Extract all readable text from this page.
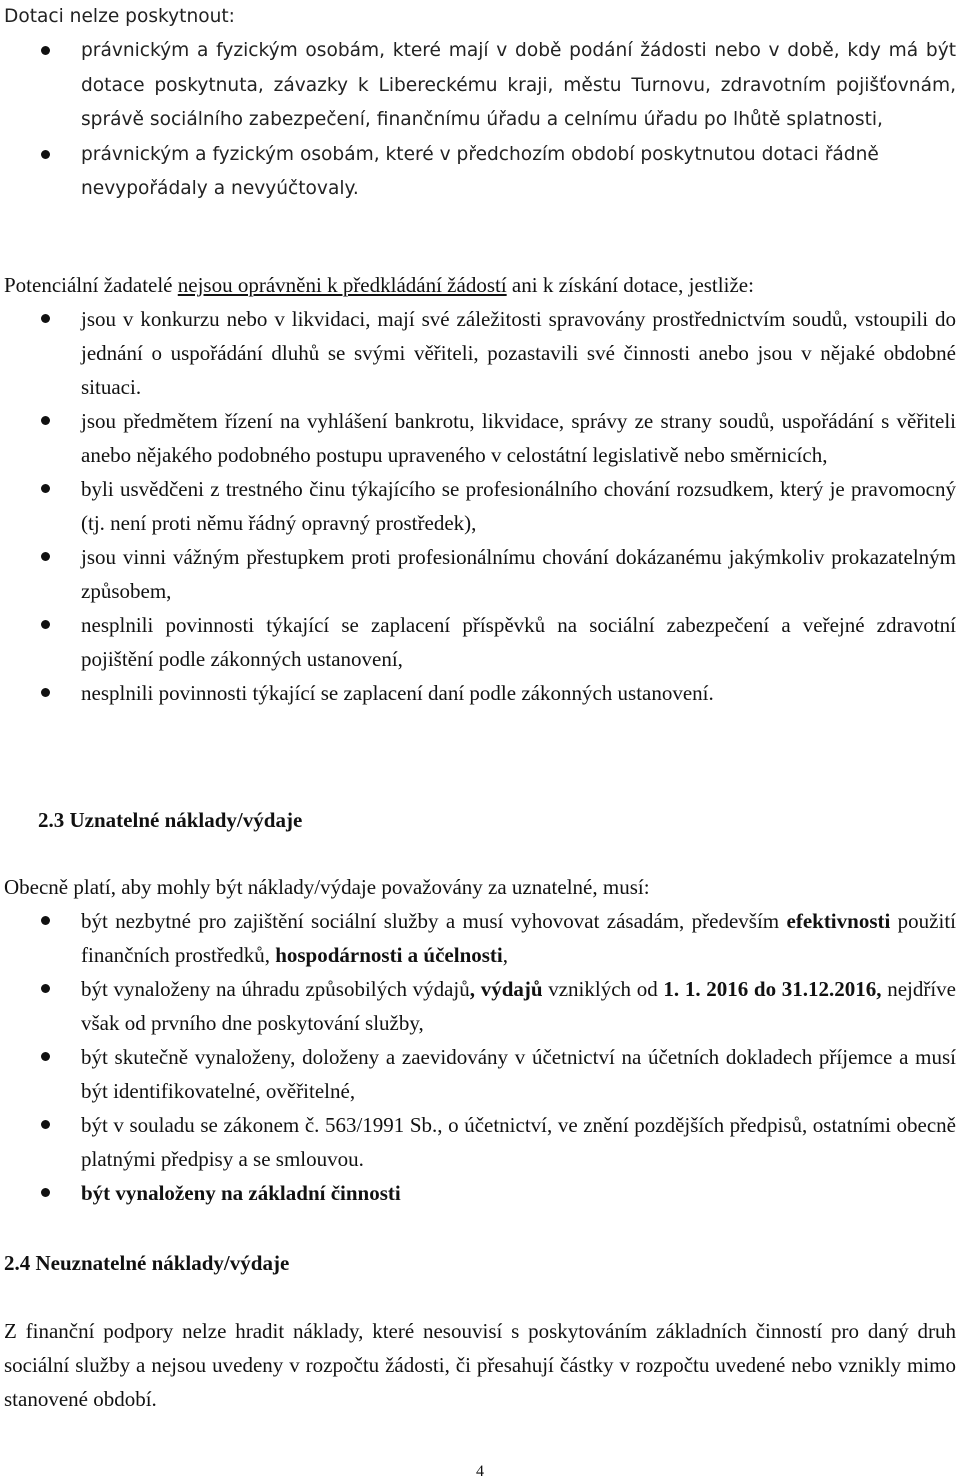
Dotaci nelze poskytnout:

právnickým a fyzickým osobám, které mají v době podání žádosti nebo v době, kdy má být dotace poskytnuta, závazky k Libereckému kraji, městu Turnovu, zdravotním pojišťovnám, správě sociálního zabezpečení, finančnímu úřadu a celnímu úřadu po lhůtě splatnosti,
právnickým a fyzickým osobám, které v předchozím období poskytnutou dotaci řádně nevypořádaly a nevyúčtovaly.

Potenciální žadatelé nejsou oprávněni k předkládání žádostí ani k získání dotace, jestliže:

jsou v konkurzu nebo v likvidaci, mají své záležitosti spravovány prostřednictvím soudů, vstoupili do jednání o uspořádání dluhů se svými věřiteli, pozastavili své činnosti anebo jsou v nějaké obdobné situaci.
jsou předmětem řízení na vyhlášení bankrotu, likvidace, správy ze strany soudů, uspořádání s věřiteli anebo nějakého podobného postupu upraveného v celostátní legislativě nebo směrnicích,
byli usvědčeni z trestného činu týkajícího se profesionálního chování rozsudkem, který je pravomocný (tj. není proti němu řádný opravný prostředek),
jsou vinni vážným přestupkem proti profesionálnímu chování dokázanému jakýmkoliv prokazatelným způsobem,
nesplnili povinnosti týkající se zaplacení příspěvků na sociální zabezpečení a veřejné zdravotní pojištění podle zákonných ustanovení,
nesplnili povinnosti týkající se zaplacení daní podle zákonných ustanovení.

2.3 Uznatelné náklady/výdaje

Obecně platí, aby mohly být náklady/výdaje považovány za uznatelné, musí:

být nezbytné pro zajištění sociální služby a musí vyhovovat zásadám, především efektivnosti použití finančních prostředků, hospodárnosti a účelnosti,
být vynaloženy na úhradu způsobilých výdajů, výdajů vzniklých od 1. 1. 2016 do 31.12.2016, nejdříve však od prvního dne poskytování služby,
být skutečně vynaloženy, doloženy a zaevidovány v účetnictví na účetních dokladech příjemce a musí být identifikovatelné, ověřitelné,
být v souladu se zákonem č. 563/1991 Sb., o účetnictví, ve znění pozdějších předpisů, ostatními obecně platnými předpisy a se smlouvou.
být vynaloženy na základní činnosti

2.4 Neuznatelné náklady/výdaje

Z finanční podpory nelze hradit náklady, které nesouvisí s poskytováním základních činností pro daný druh sociální služby a nejsou uvedeny v rozpočtu žádosti, či přesahují částky v rozpočtu uvedené nebo vznikly mimo stanovené období.

4
